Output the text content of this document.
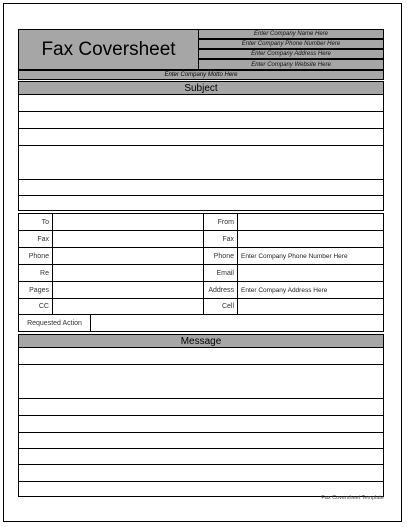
Fax Coversheet
Enter Company Name Here
Enter Company Phone Number Here
Enter Company Address Here
Enter Company Website Here
Enter Company Motto Here
Subject
To
Fax
Phone
Re
Pages
CC
From
Fax
Phone
Email
Address
Cell
Enter Company Phone Number Here
Enter Company Address Here
Requested Action
Message
Fax Coversheet Template
